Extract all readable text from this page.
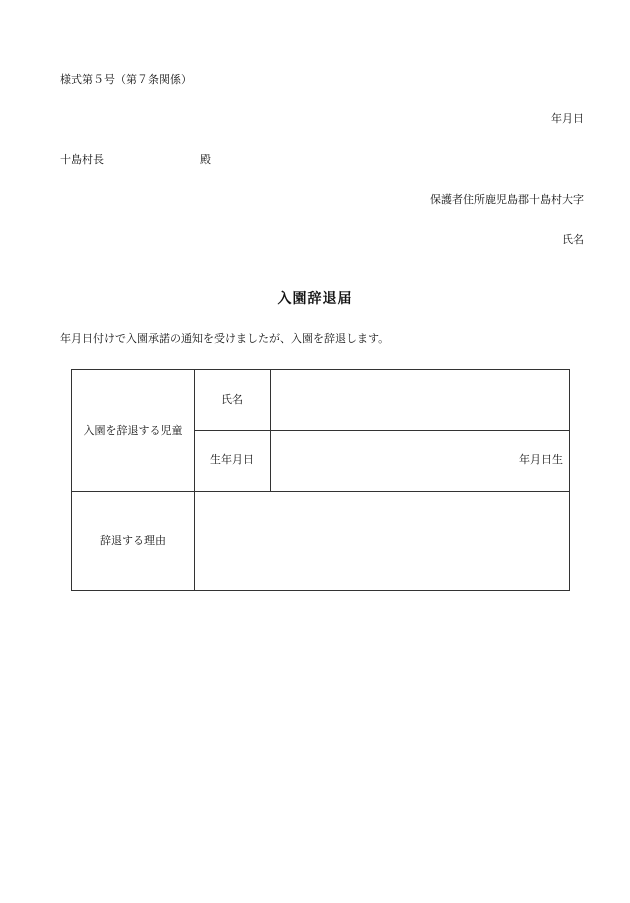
様式第５号（第７条関係）
年月日
十島村長	殿
保護者住所鹿児島郡十島村大字
氏名
入園辞退届
年月日付けで入園承諾の通知を受けましたが、入園を辞退します。
入園を辞退する児童
氏名
生年月日	年月日生
辞退する理由
